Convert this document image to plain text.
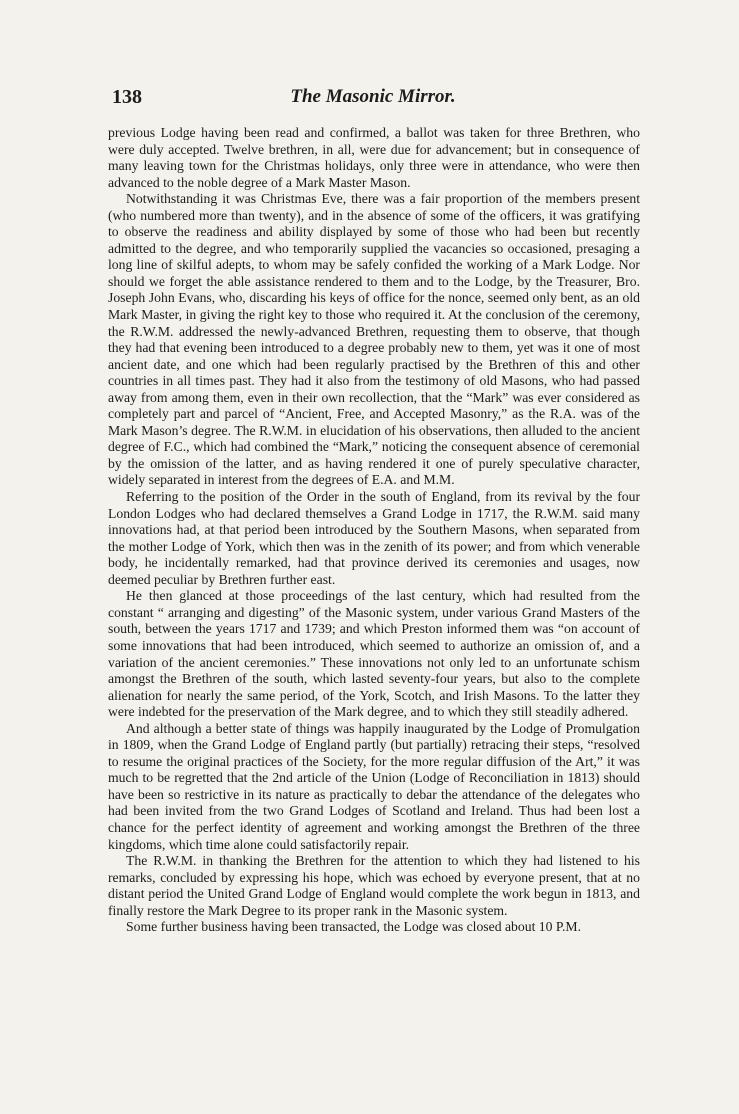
138	The Masonic Mirror.

previous Lodge having been read and confirmed, a ballot was taken for three Brethren, who were duly accepted. Twelve brethren, in all, were due for advancement; but in consequence of many leaving town for the Christmas holidays, only three were in attendance, who were then advanced to the noble degree of a Mark Master Mason.

Notwithstanding it was Christmas Eve, there was a fair proportion of the members present (who numbered more than twenty), and in the absence of some of the officers, it was gratifying to observe the readiness and ability displayed by some of those who had been but recently admitted to the degree, and who temporarily supplied the vacancies so occasioned, presaging a long line of skilful adepts, to whom may be safely confided the working of a Mark Lodge. Nor should we forget the able assistance rendered to them and to the Lodge, by the Treasurer, Bro. Joseph John Evans, who, discarding his keys of office for the nonce, seemed only bent, as an old Mark Master, in giving the right key to those who required it. At the conclusion of the ceremony, the R.W.M. addressed the newly-advanced Brethren, requesting them to observe, that though they had that evening been introduced to a degree probably new to them, yet was it one of most ancient date, and one which had been regularly practised by the Brethren of this and other countries in all times past. They had it also from the testimony of old Masons, who had passed away from among them, even in their own recollection, that the “Mark” was ever considered as completely part and parcel of “Ancient, Free, and Accepted Masonry,” as the R.A. was of the Mark Mason’s degree. The R.W.M. in elucidation of his observations, then alluded to the ancient degree of F.C., which had combined the “Mark,” noticing the consequent absence of ceremonial by the omission of the latter, and as having rendered it one of purely speculative character, widely separated in interest from the degrees of E.A. and M.M.

Referring to the position of the Order in the south of England, from its revival by the four London Lodges who had declared themselves a Grand Lodge in 1717, the R.W.M. said many innovations had, at that period been introduced by the Southern Masons, when separated from the mother Lodge of York, which then was in the zenith of its power; and from which venerable body, he incidentally remarked, had that province derived its ceremonies and usages, now deemed peculiar by Brethren further east.

He then glanced at those proceedings of the last century, which had resulted from the constant “ arranging and digesting” of the Masonic system, under various Grand Masters of the south, between the years 1717 and 1739; and which Preston informed them was “on account of some innovations that had been introduced, which seemed to authorize an omission of, and a variation of the ancient ceremonies.” These innovations not only led to an unfortunate schism amongst the Brethren of the south, which lasted seventy-four years, but also to the complete alienation for nearly the same period, of the York, Scotch, and Irish Masons. To the latter they were indebted for the preservation of the Mark degree, and to which they still steadily adhered.

And although a better state of things was happily inaugurated by the Lodge of Promulgation in 1809, when the Grand Lodge of England partly (but partially) retracing their steps, “resolved to resume the original practices of the Society, for the more regular diffusion of the Art,” it was much to be regretted that the 2nd article of the Union (Lodge of Reconciliation in 1813) should have been so restrictive in its nature as practically to debar the attendance of the delegates who had been invited from the two Grand Lodges of Scotland and Ireland. Thus had been lost a chance for the perfect identity of agreement and working amongst the Brethren of the three kingdoms, which time alone could satisfactorily repair.

The R.W.M. in thanking the Brethren for the attention to which they had listened to his remarks, concluded by expressing his hope, which was echoed by everyone present, that at no distant period the United Grand Lodge of England would complete the work begun in 1813, and finally restore the Mark Degree to its proper rank in the Masonic system.

Some further business having been transacted, the Lodge was closed about 10 P.M.
